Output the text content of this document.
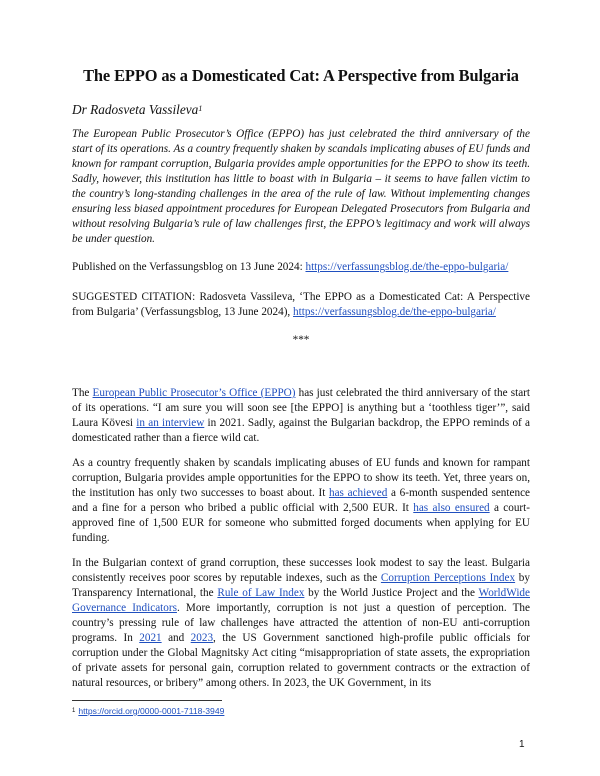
The EPPO as a Domesticated Cat: A Perspective from Bulgaria
Dr Radosveta Vassileva$^1$

The European Public Prosecutor’s Office (EPPO) has just celebrated the third anniversary of the start of its operations. As a country frequently shaken by scandals implicating abuses of EU funds and known for rampant corruption, Bulgaria provides ample opportunities for the EPPO to show its teeth. Sadly, however, this institution has little to boast with in Bulgaria – it seems to have fallen victim to the country’s long-standing challenges in the area of the rule of law. Without implementing changes ensuring less biased appointment procedures for European Delegated Prosecutors from Bulgaria and without resolving Bulgaria’s rule of law challenges first, the EPPO’s legitimacy and work will always be under question.

Published on the Verfassungsblog on 13 June 2024: https://verfassungsblog.de/the-eppo-bulgaria/

SUGGESTED CITATION: Radosveta Vassileva, ‘The EPPO as a Domesticated Cat: A Perspective from Bulgaria’ (Verfassungsblog, 13 June 2024), https://verfassungsblog.de/the-eppo-bulgaria/

***

The European Public Prosecutor’s Office (EPPO) has just celebrated the third anniversary of the start of its operations. “I am sure you will soon see [the EPPO] is anything but a ‘toothless tiger’”, said Laura Kövesi in an interview in 2021. Sadly, against the Bulgarian backdrop, the EPPO reminds of a domesticated rather than a fierce wild cat.

As a country frequently shaken by scandals implicating abuses of EU funds and known for rampant corruption, Bulgaria provides ample opportunities for the EPPO to show its teeth. Yet, three years on, the institution has only two successes to boast about. It has achieved a 6-month suspended sentence and a fine for a person who bribed a public official with 2,500 EUR. It has also ensured a court-approved fine of 1,500 EUR for someone who submitted forged documents when applying for EU funding.

In the Bulgarian context of grand corruption, these successes look modest to say the least. Bulgaria consistently receives poor scores by reputable indexes, such as the Corruption Perceptions Index by Transparency International, the Rule of Law Index by the World Justice Project and the WorldWide Governance Indicators. More importantly, corruption is not just a question of perception. The country’s pressing rule of law challenges have attracted the attention of non-EU anti-corruption programs. In 2021 and 2023, the US Government sanctioned high-profile public officials for corruption under the Global Magnitsky Act citing “misappropriation of state assets, the expropriation of private assets for personal gain, corruption related to government contracts or the extraction of natural resources, or bribery” among others. In 2023, the UK Government, in its

$^1$ https://orcid.org/0000-0001-7118-3949
1
